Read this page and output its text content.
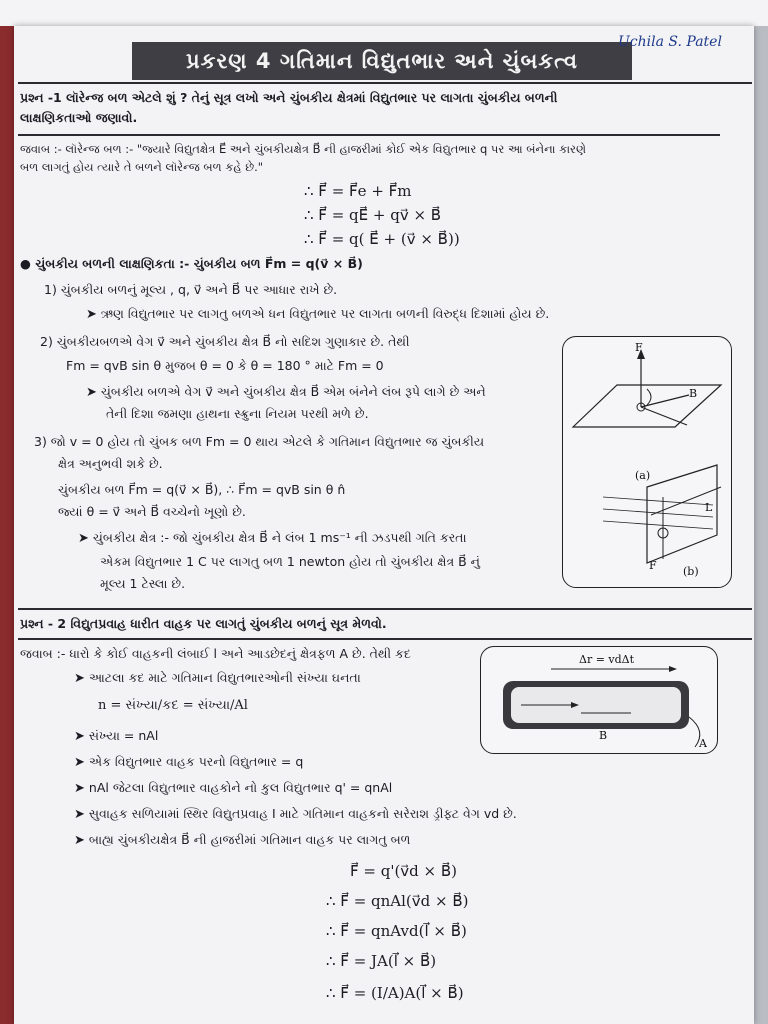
પ્રકરણ 4 ગતિમાન વિદ્યુતભાર અને ચુંબકત્વ
Uchila S. Patel
પ્રશ્ન -1 લૉરેન્જ બળ એટલે શું ? તેનું સૂત્ર લખો અને ચુંબકીય ક્ષેત્રમાં વિદ્યુતભાર પર લાગતા ચુંબકીય બળની
લાક્ષણિકતાઓ જણાવો.
જવાબ :- લૉરેન્જ બળ :- "જ્યારે વિદ્યુતક્ષેત્ર E⃗ અને ચુંબકીયક્ષેત્ર B⃗ ની હાજરીમાં કોઈ એક વિદ્યુતભાર q પર આ બંનેના કારણે
બળ લાગતું હોય ત્યારે તે બળને લૉરેન્જ બળ કહે છે."
∴ F⃗ = F⃗e + F⃗m
∴ F⃗ = qE⃗ + qv⃗ × B⃗
∴ F⃗ = q( E⃗ + (v⃗ × B⃗))
● ચુંબકીય બળની લાક્ષણિકતા :- ચુંબકીય બળ F⃗m = q(v⃗ × B⃗)
1) ચુંબકીય બળનું મૂલ્ય , q, v⃗ અને B⃗ પર આધાર રાખે છે.
➤ ઋણ વિદ્યુતભાર પર લાગતુ બળએ ધન વિદ્યુતભાર પર લાગતા બળની વિરુદ્ધ દિશામાં હોય છે.
2) ચુંબકીયબળએ વેગ v⃗ અને ચુંબકીય ક્ષેત્ર B⃗ નો સદિશ ગુણાકાર છે. તેથી
Fm = qvB sin θ મુજબ θ = 0 કે θ = 180 ° માટે Fm = 0
➤ ચુંબકીય બળએ વેગ v⃗ અને ચુંબકીય ક્ષેત્ર B⃗ એમ બંનેને લંબ રૂપે લાગે છે અને
તેની દિશા જમણા હાથના સ્ક્રુના નિયમ પરથી મળે છે.
3) જો v = 0 હોય તો ચુંબક બળ Fm = 0 થાય એટલે કે ગતિમાન વિદ્યુતભાર જ ચુંબકીય
ક્ષેત્ર અનુભવી શકે છે.
ચુંબકીય બળ F⃗m = q(v⃗ × B⃗), ∴ F⃗m = qvB sin θ n̂
જ્યાં θ = v⃗ અને B⃗ વચ્ચેનો ખૂણો છે.
➤ ચુંબકીય ક્ષેત્ર :- જો ચુંબકીય ક્ષેત્ર B⃗ ને લંબ 1 ms⁻¹ ની ઝડપથી ગતિ કરતા
એકમ વિદ્યુતભાર 1 C પર લાગતુ બળ 1 newton હોય તો ચુંબકીય ક્ષેત્ર B⃗ નું
મૂલ્ય 1 ટેસ્લા છે.
F
B
(a)
L
F (b)
પ્રશ્ન - 2 વિદ્યુતપ્રવાહ ધારીત વાહક પર લાગતું ચુંબકીય બળનું સૂત્ર મેળવો.
જવાબ :- ધારો કે કોઈ વાહકની લંબાઈ l અને આડછેદનું ક્ષેત્રફળ A છે. તેથી કદ
➤ આટલા કદ માટે ગતિમાન વિદ્યુતભારઓની સંખ્યા ઘનતા
n = સંખ્યા/કદ = સંખ્યા/Al
➤ સંખ્યા = nAl
➤ એક વિદ્યુતભાર વાહક પરનો વિદ્યુતભાર = q
➤ nAl જેટલા વિદ્યુતભાર વાહકોને નો કુલ વિદ્યુતભાર q' = qnAl
➤ સુવાહક સળિયામાં સ્થિર વિદ્યુતપ્રવાહ I માટે ગતિમાન વાહકનો સરેરાશ ડ્રીફ્ટ વેગ vd છે.
➤ બાહ્ય ચુંબકીયક્ષેત્ર B⃗ ની હાજરીમાં ગતિમાન વાહક પર લાગતુ બળ
F⃗ = q'(v⃗d × B⃗)
∴ F⃗ = qnAl(v⃗d × B⃗)
∴ F⃗ = qnAvd(l⃗ × B⃗)
∴ F⃗ = JA(l⃗ × B⃗)
∴ F⃗ = (I/A)A(l⃗ × B⃗)
Δr = vdΔt
B
A
